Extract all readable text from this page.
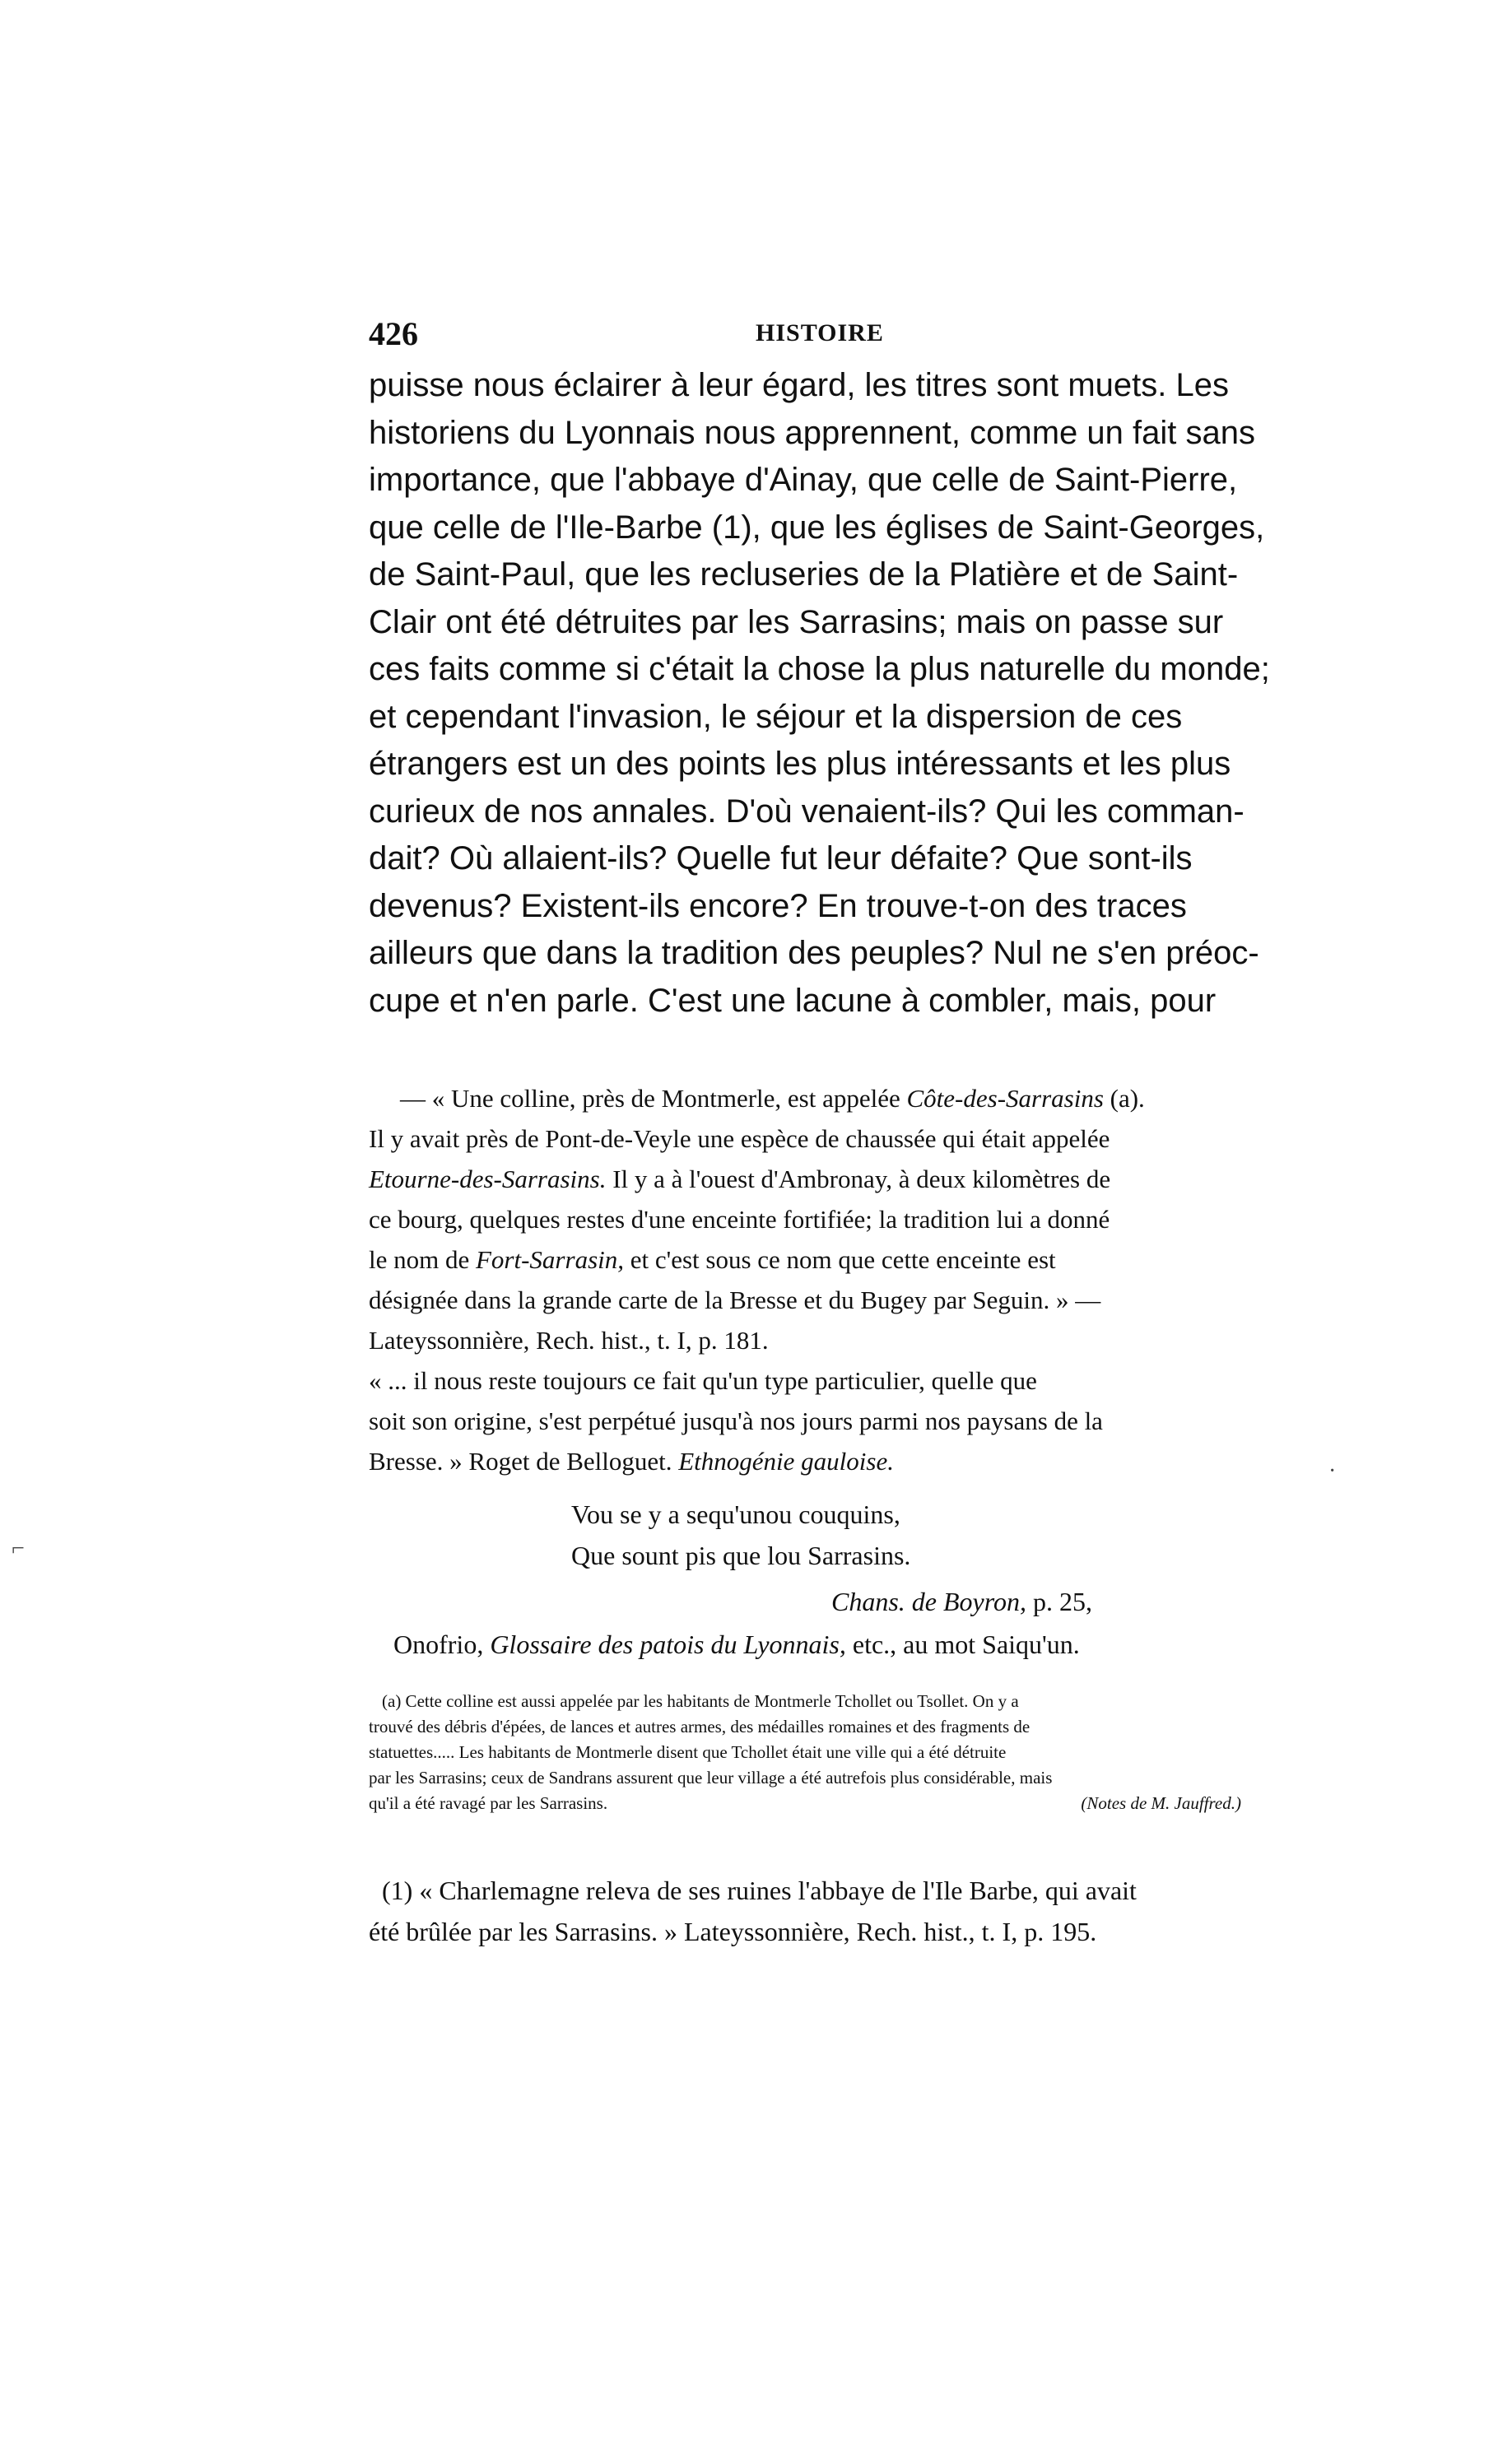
426	HISTOIRE
puisse nous éclairer à leur égard, les titres sont muets. Les
historiens du Lyonnais nous apprennent, comme un fait sans
importance, que l'abbaye d'Ainay, que celle de Saint-Pierre,
que celle de l'Ile-Barbe (1), que les églises de Saint-Georges,
de Saint-Paul, que les recluseries de la Platière et de Saint-
Clair ont été détruites par les Sarrasins; mais on passe sur
ces faits comme si c'était la chose la plus naturelle du monde;
et cependant l'invasion, le séjour et la dispersion de ces
étrangers est un des points les plus intéressants et les plus
curieux de nos annales. D'où venaient-ils? Qui les comman-
dait? Où allaient-ils? Quelle fut leur défaite? Que sont-ils
devenus? Existent-ils encore? En trouve-t-on des traces
ailleurs que dans la tradition des peuples? Nul ne s'en préoc-
cupe et n'en parle. C'est une lacune à combler, mais, pour
— « Une colline, près de Montmerle, est appelée Côte-des-Sarrasins (a).
Il y avait près de Pont-de-Veyle une espèce de chaussée qui était appelée
Etourne-des-Sarrasins. Il y a à l'ouest d'Ambronay, à deux kilomètres de
ce bourg, quelques restes d'une enceinte fortifiée; la tradition lui a donné
le nom de Fort-Sarrasin, et c'est sous ce nom que cette enceinte est
désignée dans la grande carte de la Bresse et du Bugey par Seguin. » —
Lateyssonnière, Rech. hist., t. I, p. 181.
« ... il nous reste toujours ce fait qu'un type particulier, quelle que
soit son origine, s'est perpétué jusqu'à nos jours parmi nos paysans de la
Bresse. » Roget de Belloguet. Ethnogénie gauloise.
Vou se y a sequ'unou couquins,
Que sount pis que lou Sarrasins.
Chans. de Boyron, p. 25,
Onofrio, Glossaire des patois du Lyonnais, etc., au mot Saiqu'un.
(a) Cette colline est aussi appelée par les habitants de Montmerle Tchollet ou Tsollet. On y a
trouvé des débris d'épées, de lances et autres armes, des médailles romaines et des fragments de
statuettes..... Les habitants de Montmerle disent que Tchollet était une ville qui a été détruite
par les Sarrasins; ceux de Sandrans assurent que leur village a été autrefois plus considérable, mais
qu'il a été ravagé par les Sarrasins.	(Notes de M. Jauffred.)
(1) « Charlemagne releva de ses ruines l'abbaye de l'Ile Barbe, qui avait
été brûlée par les Sarrasins. » Lateyssonnière, Rech. hist., t. I, p. 195.
·
⌐
